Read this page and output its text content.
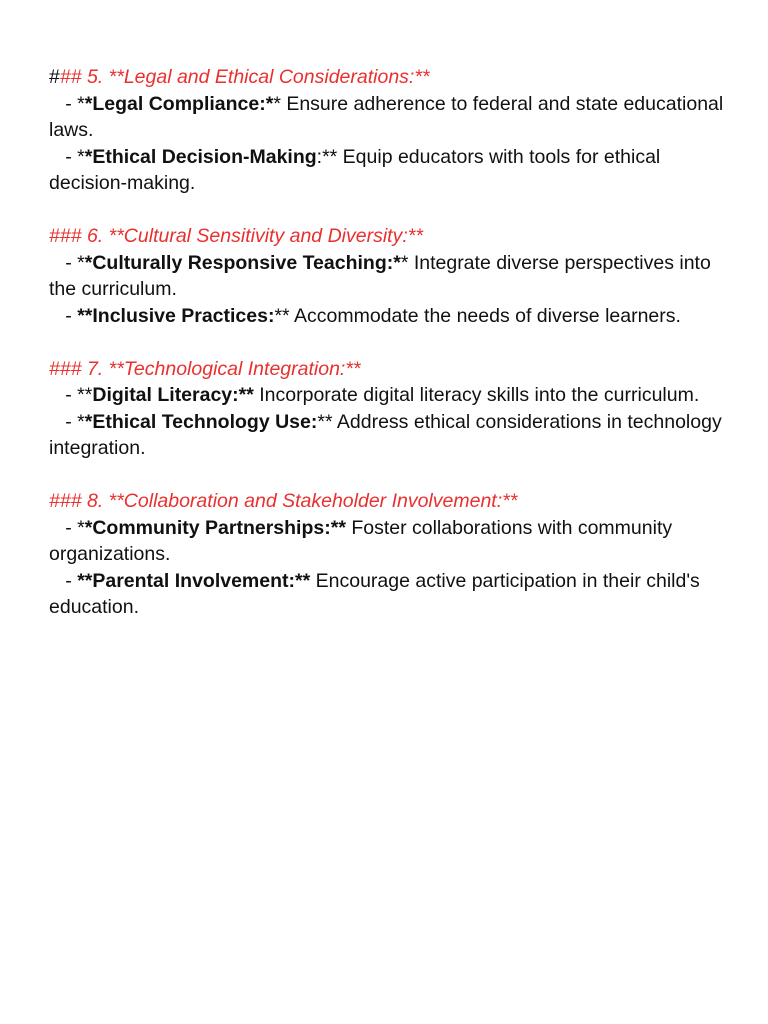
### 5. **Legal and Ethical Considerations:**
- **Legal Compliance:** Ensure adherence to federal and state educational laws.
- **Ethical Decision-Making:** Equip educators with tools for ethical decision-making.
### 6. **Cultural Sensitivity and Diversity:**
- **Culturally Responsive Teaching:** Integrate diverse perspectives into the curriculum.
- **Inclusive Practices:** Accommodate the needs of diverse learners.
### 7. **Technological Integration:**
- **Digital Literacy:** Incorporate digital literacy skills into the curriculum.
- **Ethical Technology Use:** Address ethical considerations in technology integration.
### 8. **Collaboration and Stakeholder Involvement:**
- **Community Partnerships:** Foster collaborations with community organizations.
- **Parental Involvement:** Encourage active participation in their child's education.
